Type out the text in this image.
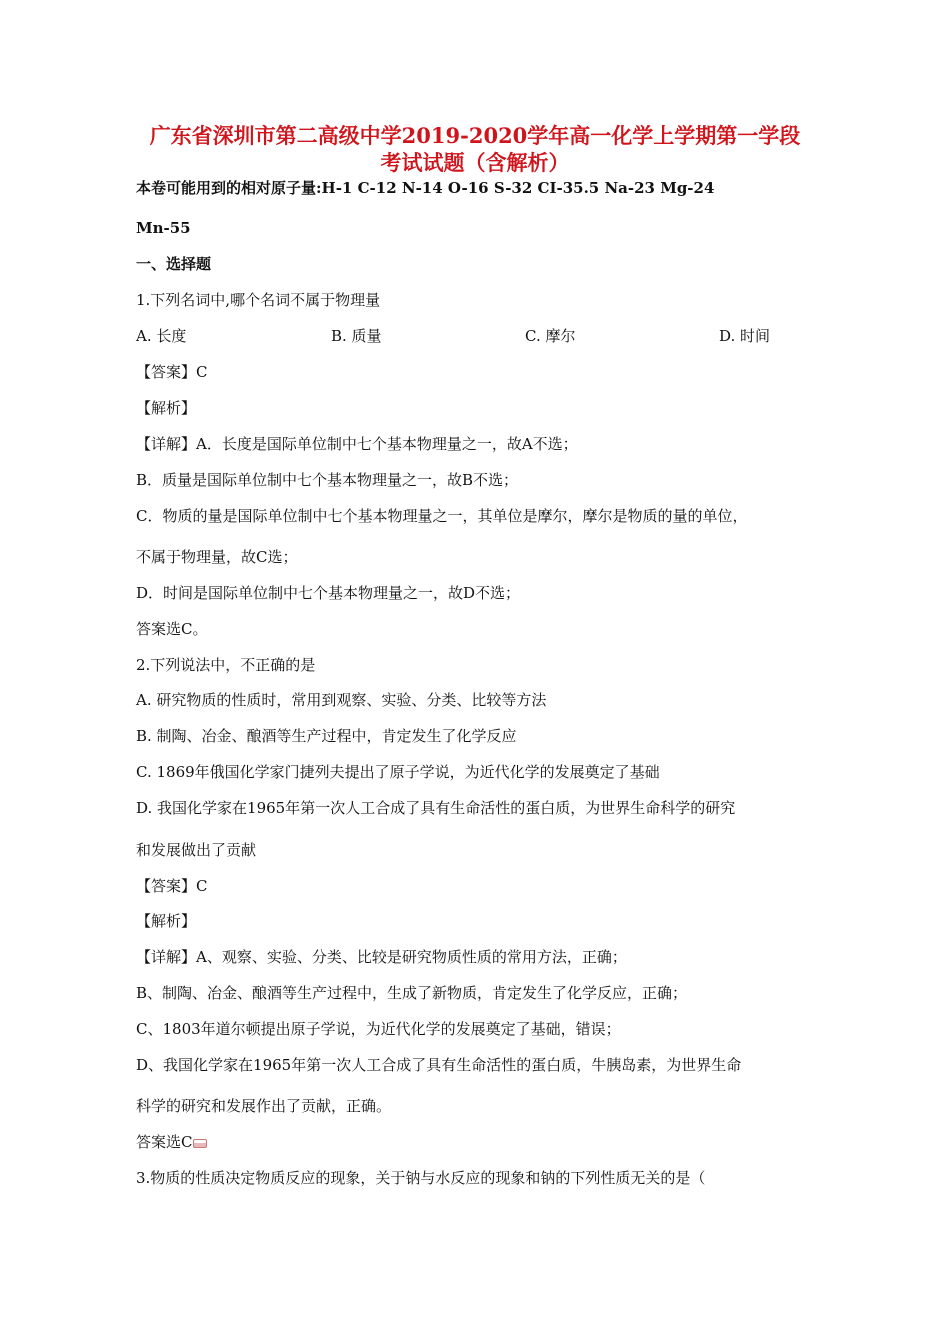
广东省深圳市第二高级中学2019-2020学年高一化学上学期第一学段
考试试题（含解析）
本卷可能用到的相对原子量:H-1 C-12 N-14 O-16 S-32 CI-35.5 Na-23 Mg-24
Mn-55
一、选择题
1.下列名词中,哪个名词不属于物理量
A. 长度	B. 质量	C. 摩尔	D. 时间
【答案】C
【解析】
【详解】A．长度是国际单位制中七个基本物理量之一，故A不选；
B．质量是国际单位制中七个基本物理量之一，故B不选；
C．物质的量是国际单位制中七个基本物理量之一，其单位是摩尔，摩尔是物质的量的单位，
不属于物理量，故C选；
D．时间是国际单位制中七个基本物理量之一，故D不选；
答案选C。
2.下列说法中，不正确的是
A. 研究物质的性质时，常用到观察、实验、分类、比较等方法
B. 制陶、冶金、酿酒等生产过程中，肯定发生了化学反应
C. 1869年俄国化学家门捷列夫提出了原子学说，为近代化学的发展奠定了基础
D. 我国化学家在1965年第一次人工合成了具有生命活性的蛋白质，为世界生命科学的研究
和发展做出了贡献
【答案】C
【解析】
【详解】A、观察、实验、分类、比较是研究物质性质的常用方法，正确；
B、制陶、冶金、酿酒等生产过程中，生成了新物质，肯定发生了化学反应，正确；
C、1803年道尔顿提出原子学说，为近代化学的发展奠定了基础，错误；
D、我国化学家在1965年第一次人工合成了具有生命活性的蛋白质，牛胰岛素，为世界生命
科学的研究和发展作出了贡献，正确。
答案选C
3.物质的性质决定物质反应的现象，关于钠与水反应的现象和钠的下列性质无关的是（
